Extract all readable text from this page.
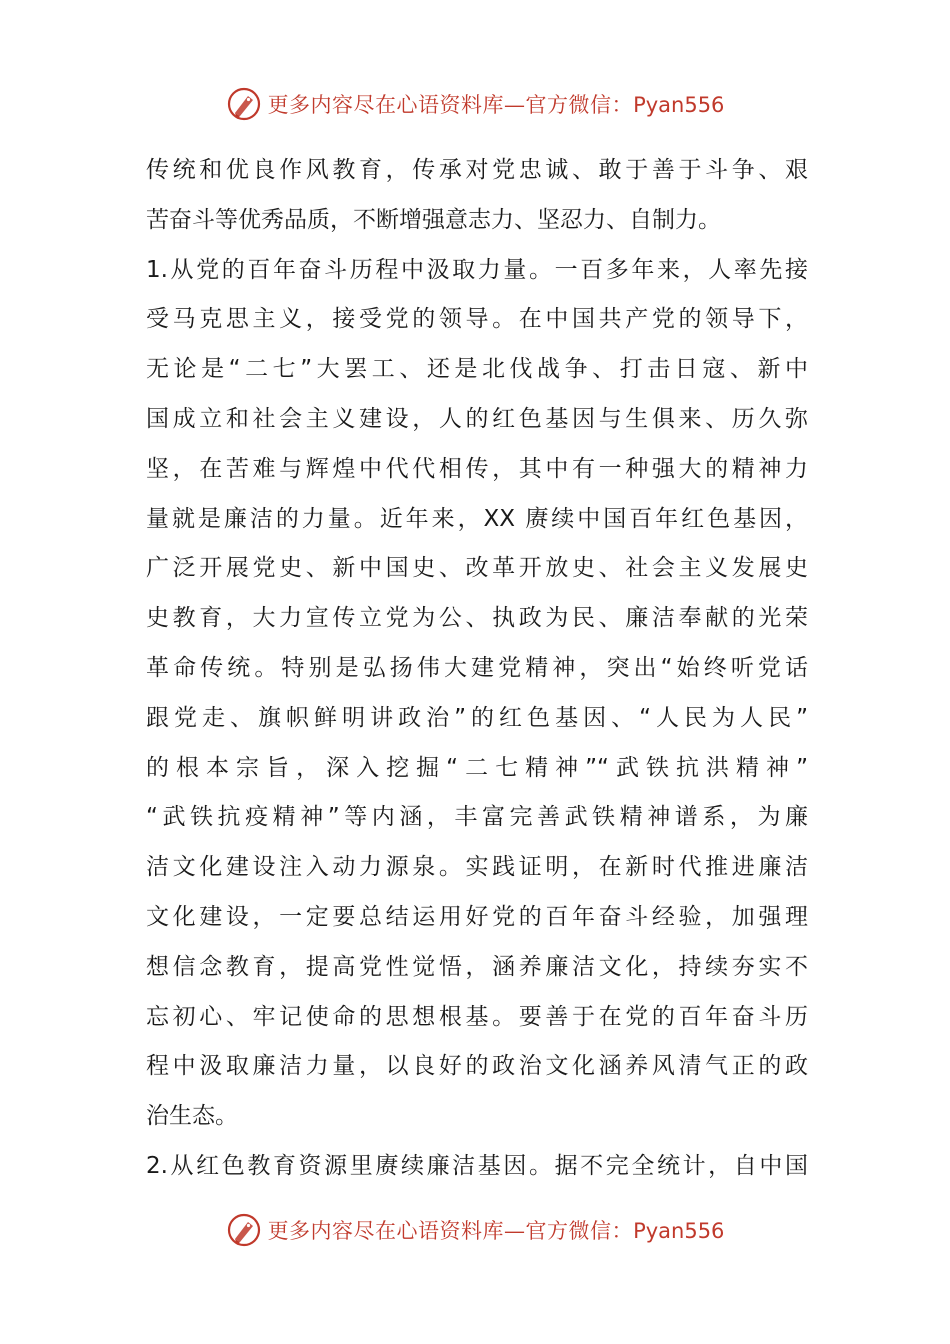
更多内容尽在心语资料库—官方微信：Pyan556
传统和优良作风教育，传承对党忠诚、敢于善于斗争、艰
苦奋斗等优秀品质，不断增强意志力、坚忍力、自制力。
1.从党的百年奋斗历程中汲取力量。一百多年来，人率先接
受马克思主义，接受党的领导。在中国共产党的领导下，
无论是“二七”大罢工、还是北伐战争、打击日寇、新中
国成立和社会主义建设，人的红色基因与生俱来、历久弥
坚，在苦难与辉煌中代代相传，其中有一种强大的精神力
量就是廉洁的力量。近年来，XX 赓续中国百年红色基因，
广泛开展党史、新中国史、改革开放史、社会主义发展史
史教育，大力宣传立党为公、执政为民、廉洁奉献的光荣
革命传统。特别是弘扬伟大建党精神，突出“始终听党话
跟党走、旗帜鲜明讲政治”的红色基因、“人民为人民”
的根本宗旨，深入挖掘“二七精神”“武铁抗洪精神”
“武铁抗疫精神”等内涵，丰富完善武铁精神谱系，为廉
洁文化建设注入动力源泉。实践证明，在新时代推进廉洁
文化建设，一定要总结运用好党的百年奋斗经验，加强理
想信念教育，提高党性觉悟，涵养廉洁文化，持续夯实不
忘初心、牢记使命的思想根基。要善于在党的百年奋斗历
程中汲取廉洁力量，以良好的政治文化涵养风清气正的政
治生态。
2.从红色教育资源里赓续廉洁基因。据不完全统计，自中国
更多内容尽在心语资料库—官方微信：Pyan556
